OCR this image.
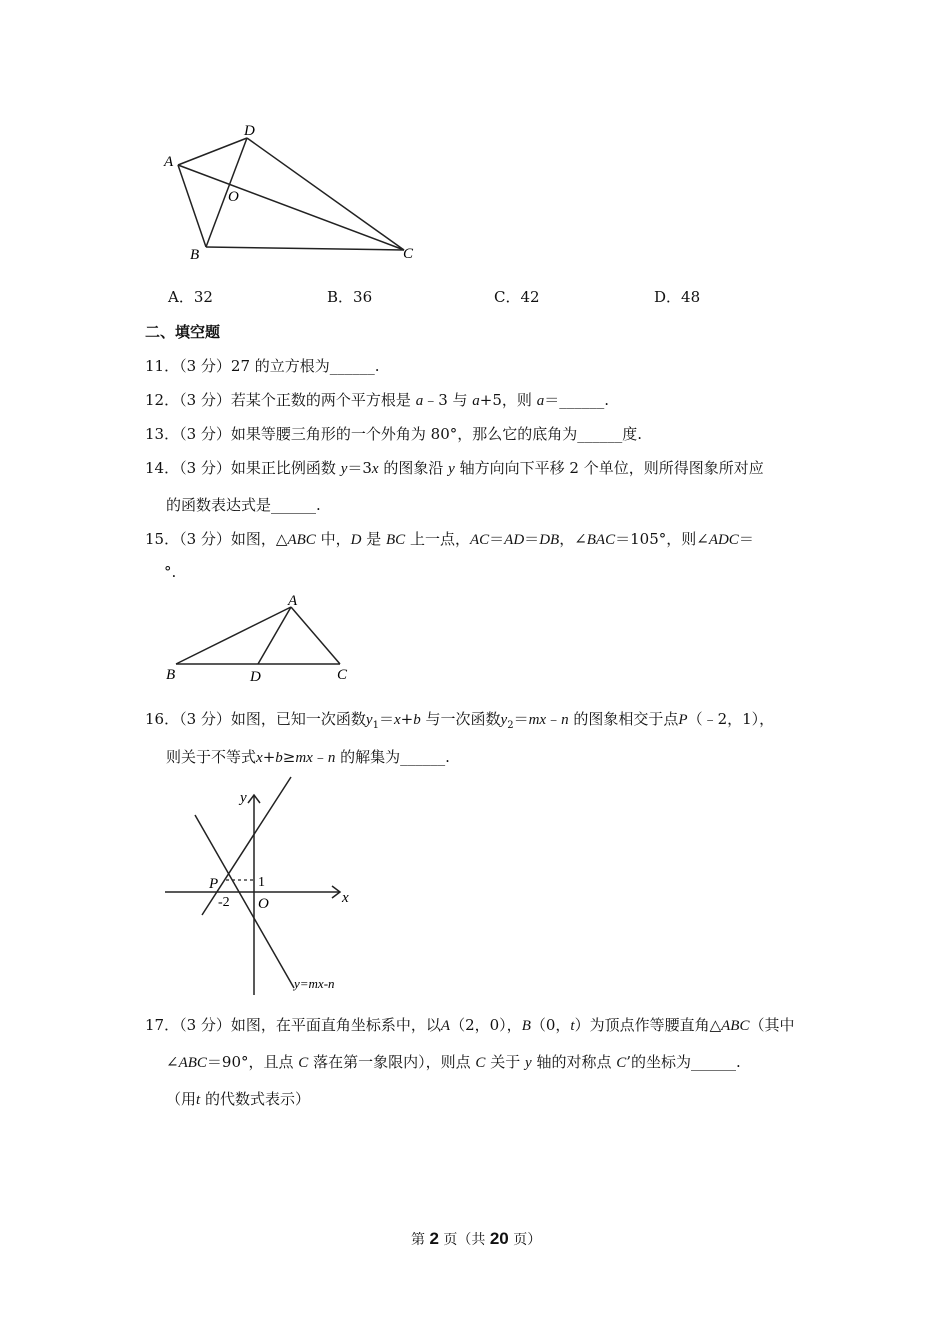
D
A
O
B	C
A．32	B．36	C．42	D．48
二、填空题
11．（3 分）27 的立方根为______.
12．（3 分）若某个正数的两个平方根是 a﹣3 与 a+5，则 a＝______.
13．（3 分）如果等腰三角形的一个外角为 80°，那么它的底角为______度.
14．（3 分）如果正比例函数 y＝3x 的图象沿 y 轴方向向下平移 2 个单位，则所得图象所对应
的函数表达式是______.
15．（3 分）如图，△ABC 中，D 是 BC 上一点，AC＝AD＝DB，∠BAC＝105°，则∠ADC＝
°.
A
B	D	C
16．（3 分）如图，已知一次函数$y_1=x+b$ 与一次函数$y_2=mx﹣n$ 的图象相交于点P（﹣2，1），
则关于不等式x+b≥mx﹣n 的解集为______.
y
x
P	1
-2 O
y=mx-n
17．（3 分）如图，在平面直角坐标系中，以A（2，0），B（0，t）为顶点作等腰直角△ABC（其中
∠ABC＝90°，且点 C 落在第一象限内），则点 C 关于 y 轴的对称点 C’的坐标为______.
（用t 的代数式表示）
第 2 页（共 20 页）
